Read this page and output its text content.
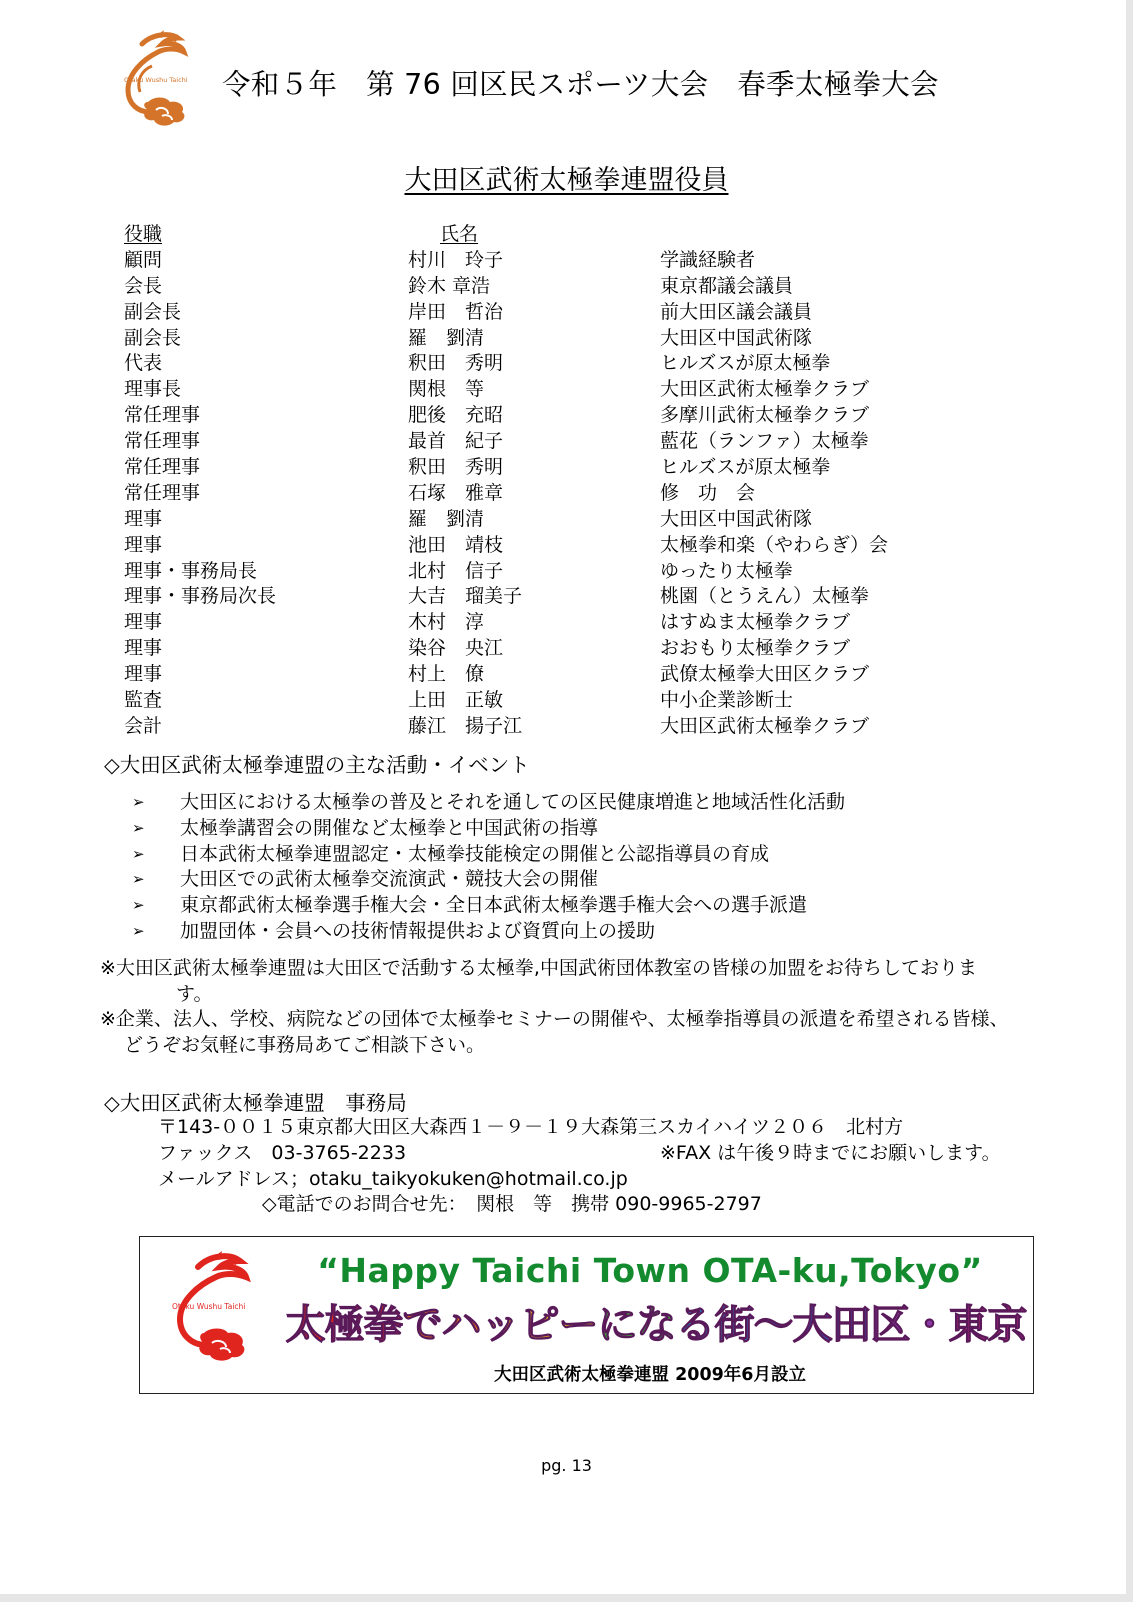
Otaku Wushu Taichi 令和５年　第 76 回区民スポーツ大会　春季太極拳大会
大田区武術太極拳連盟役員
役職	氏名
顧問	村川　玲子	学識経験者
会長	鈴木 章浩	東京都議会議員
副会長	岸田　哲治	前大田区議会議員
副会長	羅　劉清	大田区中国武術隊
代表	釈田　秀明	ヒルズスが原太極拳
理事長	関根　等	大田区武術太極拳クラブ
常任理事	肥後　充昭	多摩川武術太極拳クラブ
常任理事	最首　紀子	藍花（ランファ）太極拳
常任理事	釈田　秀明	ヒルズスが原太極拳
常任理事	石塚　雅章	修　功　会
理事	羅　劉清	大田区中国武術隊
理事	池田　靖枝	太極拳和楽（やわらぎ）会
理事・事務局長	北村　信子	ゆったり太極拳
理事・事務局次長	大吉　瑠美子	桃園（とうえん）太極拳
理事	木村　淳	はすぬま太極拳クラブ
理事	染谷　央江	おおもり太極拳クラブ
理事	村上　僚	武僚太極拳大田区クラブ
監査	上田　正敏	中小企業診断士
会計	藤江　揚子江	大田区武術太極拳クラブ
◇大田区武術太極拳連盟の主な活動・イベント
➢ 大田区における太極拳の普及とそれを通しての区民健康増進と地域活性化活動
➢ 太極拳講習会の開催など太極拳と中国武術の指導
➢ 日本武術太極拳連盟認定・太極拳技能検定の開催と公認指導員の育成
➢ 大田区での武術太極拳交流演武・競技大会の開催
➢ 東京都武術太極拳選手権大会・全日本武術太極拳選手権大会への選手派遣
➢ 加盟団体・会員への技術情報提供および資質向上の援助
※大田区武術太極拳連盟は大田区で活動する太極拳,中国武術団体教室の皆様の加盟をお待ちしておりま
す。
※企業、法人、学校、病院などの団体で太極拳セミナーの開催や、太極拳指導員の派遣を希望される皆様、
どうぞお気軽に事務局あてご相談下さい。
◇大田区武術太極拳連盟　事務局
〒143-００１５東京都大田区大森西１－９－１９大森第三スカイハイツ２０６　北村方
ファックス　03‐3765‐2233	※FAX は午後９時までにお願いします。
メールアドレス；otaku_taikyokuken@hotmail.co.jp
◇電話でのお問合せ先：　関根　等　携帯 090-9965-2797
Otaku Wushu Taichi
“Happy Taichi Town OTA-ku,Tokyo”
太極拳でハッピーになる街～大田区・東京
大田区武術太極拳連盟 2009年6月設立
pg. 13
